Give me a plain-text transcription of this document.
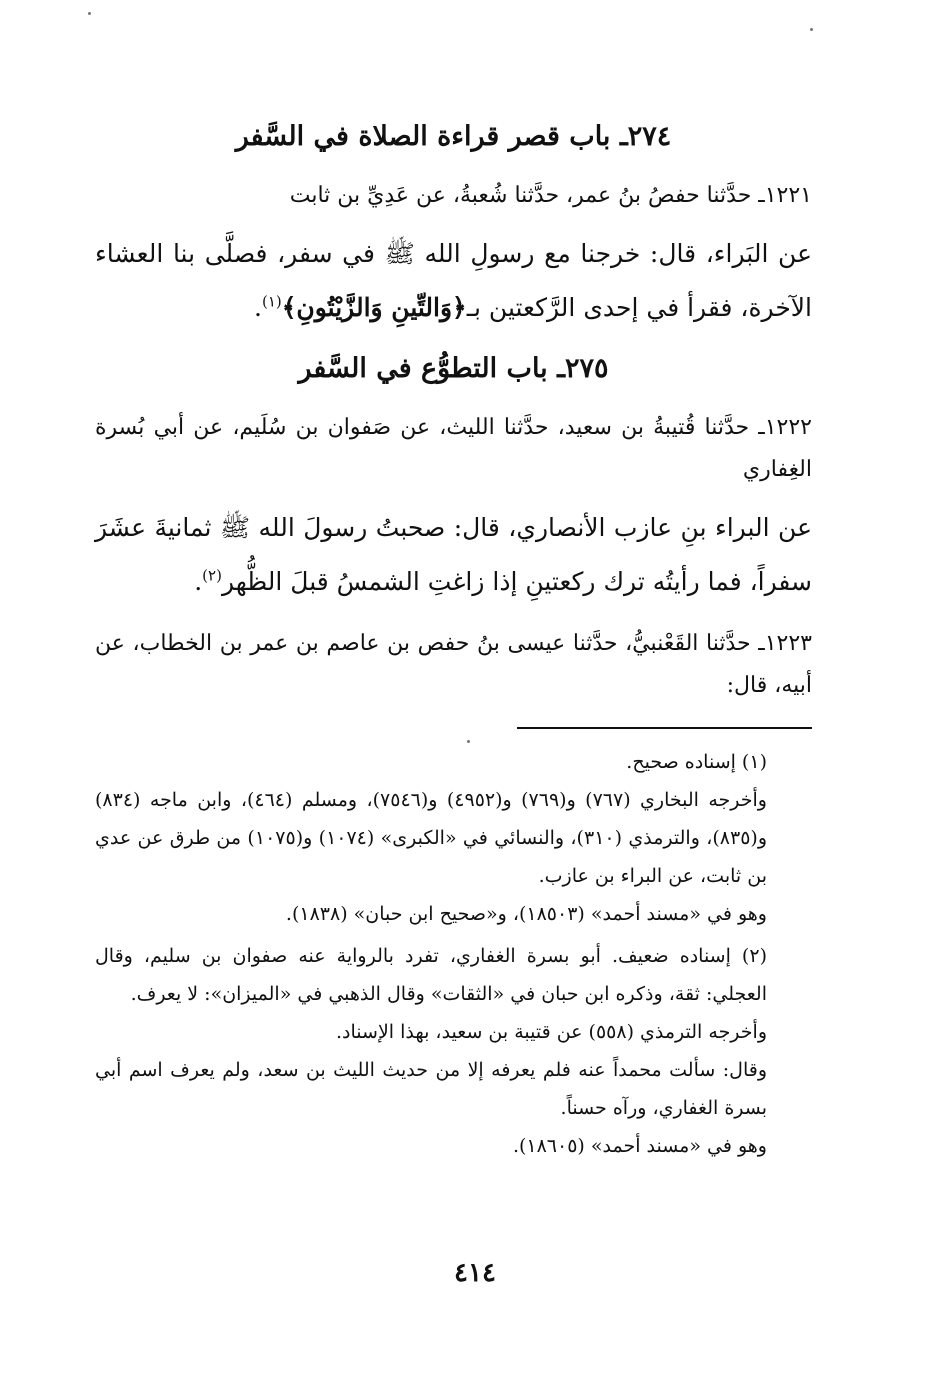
٢٧٤ـ باب قصر قراءة الصلاة في السَّفر

١٢٢١ـ حدَّثنا حفصُ بنُ عمر، حدَّثنا شُعبةُ، عن عَدِيِّ بن ثابت

عن البَراء، قال: خرجنا مع رسولِ الله ﷺ في سفر، فصلَّى بنا العشاء الآخرة، فقرأ في إحدى الرَّكعتين بـ﴿وَالتِّينِ وَالزَّيْتُونِ﴾$^{(١)}$.

٢٧٥ـ باب التطوُّع في السَّفر

١٢٢٢ـ حدَّثنا قُتيبةُ بن سعيد، حدَّثنا الليث، عن صَفوان بن سُلَيم، عن أبي بُسرة الغِفاري

عن البراء بنِ عازب الأنصاري، قال: صحبتُ رسولَ الله ﷺ ثمانيةَ عشَرَ سفراً، فما رأيتُه ترك ركعتينِ إذا زاغتِ الشمسُ قبلَ الظُّهر$^{(٢)}$.

١٢٢٣ـ حدَّثنا القَعْنبيُّ، حدَّثنا عيسى بنُ حفص بن عاصم بن عمر بن الخطاب، عن أبيه، قال:

(١) إسناده صحيح.

وأخرجه البخاري (٧٦٧) و(٧٦٩) و(٤٩٥٢) و(٧٥٤٦)، ومسلم (٤٦٤)، وابن ماجه (٨٣٤) و(٨٣٥)، والترمذي (٣١٠)، والنسائي في «الكبرى» (١٠٧٤) و(١٠٧٥) من طرق عن عدي بن ثابت، عن البراء بن عازب.

وهو في «مسند أحمد» (١٨٥٠٣)، و«صحيح ابن حبان» (١٨٣٨).

(٢) إسناده ضعيف. أبو بسرة الغفاري، تفرد بالرواية عنه صفوان بن سليم، وقال العجلي: ثقة، وذكره ابن حبان في «الثقات» وقال الذهبي في «الميزان»: لا يعرف.

وأخرجه الترمذي (٥٥٨) عن قتيبة بن سعيد، بهذا الإسناد.

وقال: سألت محمداً عنه فلم يعرفه إلا من حديث الليث بن سعد، ولم يعرف اسم أبي بسرة الغفاري، ورآه حسناً.

وهو في «مسند أحمد» (١٨٦٠٥).

٤١٤
